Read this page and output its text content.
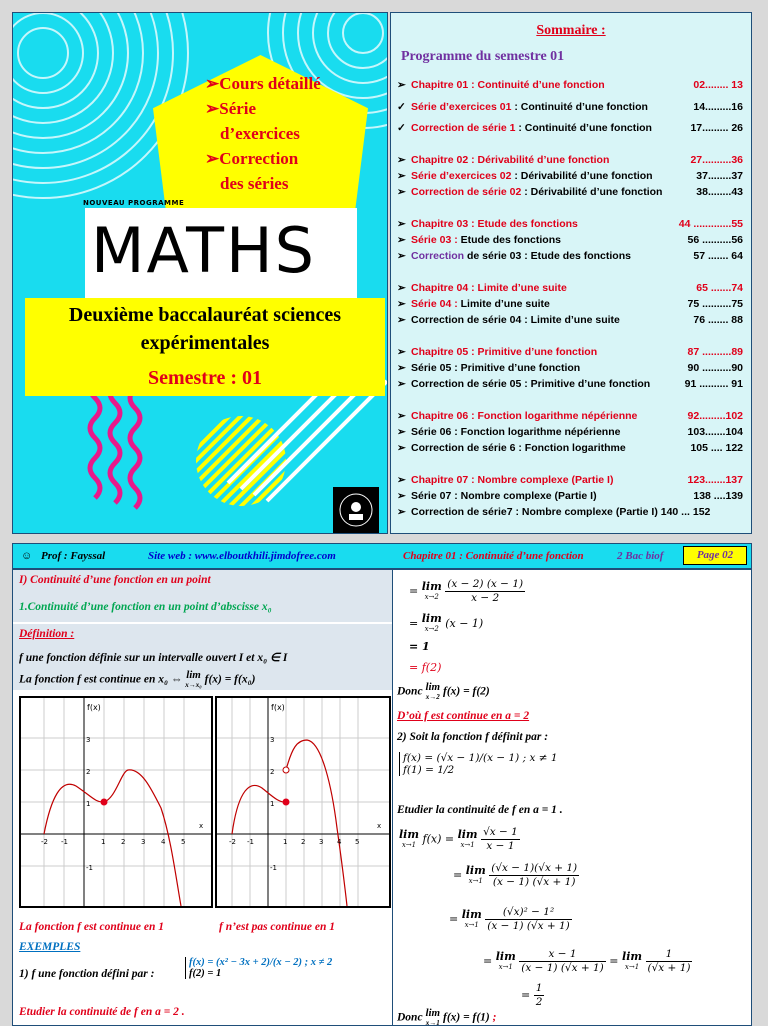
➢Cours détaillé
➢Série
d’exercices
➢Correction
des séries
NOUVEAU PROGRAMME
MATHS
Deuxième baccalauréat sciences
expérimentales
Semestre : 01
Sommaire :
Programme du semestre 01
➢ Chapitre 01 : Continuité d’une fonction	02........ 13
✓ Série d’exercices 01 : Continuité d’une fonction	14.........16
✓ Correction de série 1 : Continuité d’une fonction	17......... 26
➢ Chapitre 02 : Dérivabilité d’une fonction	27..........36
➢ Série d’exercices 02 : Dérivabilité d’une fonction	37........37
➢ Correction de série 02 : Dérivabilité d’une fonction	38........43
➢ Chapitre 03 : Etude des fonctions	44 .............55
➢ Série 03 : Etude des fonctions	56 ..........56
➢ Correction de série 03 : Etude des fonctions	57 ....... 64
➢ Chapitre 04 : Limite d’une suite	65 .......74
➢ Série 04 : Limite d’une suite	75 ..........75
➢ Correction de série 04 : Limite d’une suite	76 ....... 88
➢ Chapitre 05 : Primitive d’une fonction	87 ..........89
➢ Série 05 : Primitive d’une fonction	90 ..........90
➢ Correction de série 05 : Primitive d’une fonction	91 .......... 91
➢ Chapitre 06 : Fonction logarithme népérienne	92.........102
➢ Série 06 : Fonction logarithme népérienne	103.......104
➢ Correction de série 6 : Fonction logarithme	105 .... 122
➢ Chapitre 07 : Nombre complexe (Partie I)	123.......137
➢ Série 07 : Nombre complexe (Partie I)	138 ....139
➢ Correction de série7 : Nombre complexe (Partie I) 140 ... 152
☺ Prof : Fayssal	Site web : www.elboutkhili.jimdofree.com	Chapitre 01 : Continuité d’une fonction	2 Bac biof	Page 02
I) Continuité d’une fonction en un point
1.Continuité d’une fonction en un point d’abscisse x₀
Définition :
f une fonction définie sur un intervalle ouvert I et x₀ ∈ I
La fonction f est continue en x₀ ⇔ lim
x→x₀ f(x) = f(x₀)
f(x)
3
2
1
-2 -1	1 2 3 4 5
x
-1
f(x)
3
2
1
-2 -1	1 2 3 4 5
x
-1
La fonction f est continue en 1	f n’est pas continue en 1
EXEMPLES
1) f une fonction défini par :
f(x) = (x² − 3x + 2)/(x − 2) ; x ≠ 2
f(2) = 1
Etudier la continuité de f en a = 2 .
= lim
x→2
$\frac{(x - 2) (x - 1)}{x - 2}$
= lim
x→2 (x − 1)
= 1
= f(2)
Donc lim
x→2 f(x) = f(2)
D’où f est continue en a = 2
2) Soit la fonction f définit par :
f(x) = (√x − 1)/(x − 1) ; x ≠ 1
f(1) = 1/2
Etudier la continuité de f en a = 1 .
lim
x→1 f(x) = lim
x→1
$\frac{√x - 1}{x - 1}$
= lim
x→1
$\frac{(√x - 1)(√x + 1)}{(x - 1) (√x + 1)}$
= lim
x→1
$\frac{\text{(√x)² − 1²}}{(x - 1) (√x + 1)}$
= lim
x→1
$\frac{x - 1}{(x - 1) (√x + 1)} = \lim$
x→1
$\frac{1}{(√x + 1)}$
= $\frac{1}{2}$
Donc lim
x→1 f(x) = f(1) ;
